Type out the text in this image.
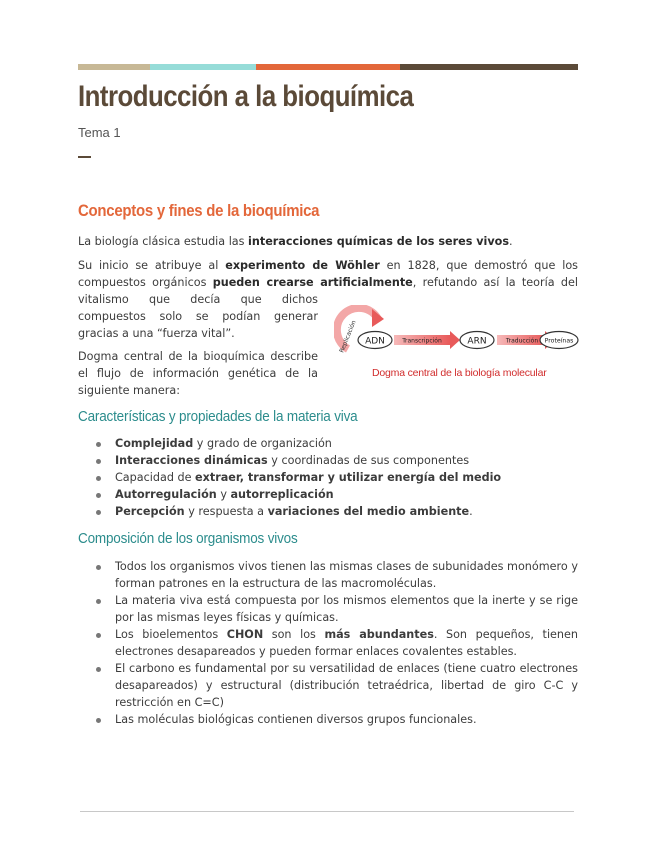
Introducción a la bioquímica
Tema 1
Conceptos y fines de la bioquímica

La biología clásica estudia las interacciones químicas de los seres vivos.

Su inicio se atribuye al experimento de Wöhler en 1828, que demostró que los

compuestos orgánicos pueden crearse artificialmente, refutando así la teoría del

vitalismo que decía que dichos compuestos solo se podían generar gracias a una “fuerza vital”.

Dogma central de la bioquímica describe el flujo de información genética de la siguiente manera:

Replicación ADN	Transcripción	ARN	Traducción Proteínas
Dogma central de la biología molecular
Características y propiedades de la materia viva
Complejidad y grado de organización
Interacciones dinámicas y coordinadas de sus componentes
Capacidad de extraer, transformar y utilizar energía del medio
Autorregulación y autorreplicación
Percepción y respuesta a variaciones del medio ambiente.
Composición de los organismos vivos
Todos los organismos vivos tienen las mismas clases de subunidades monómero y forman patrones en la estructura de las macromoléculas.
La materia viva está compuesta por los mismos elementos que la inerte y se rige por las mismas leyes físicas y químicas.
Los bioelementos CHON son los más abundantes. Son pequeños, tienen electrones desapareados y pueden formar enlaces covalentes estables.
El carbono es fundamental por su versatilidad de enlaces (tiene cuatro electrones desapareados) y estructural (distribución tetraédrica, libertad de giro C-C y restricción en C=C)
Las moléculas biológicas contienen diversos grupos funcionales.
